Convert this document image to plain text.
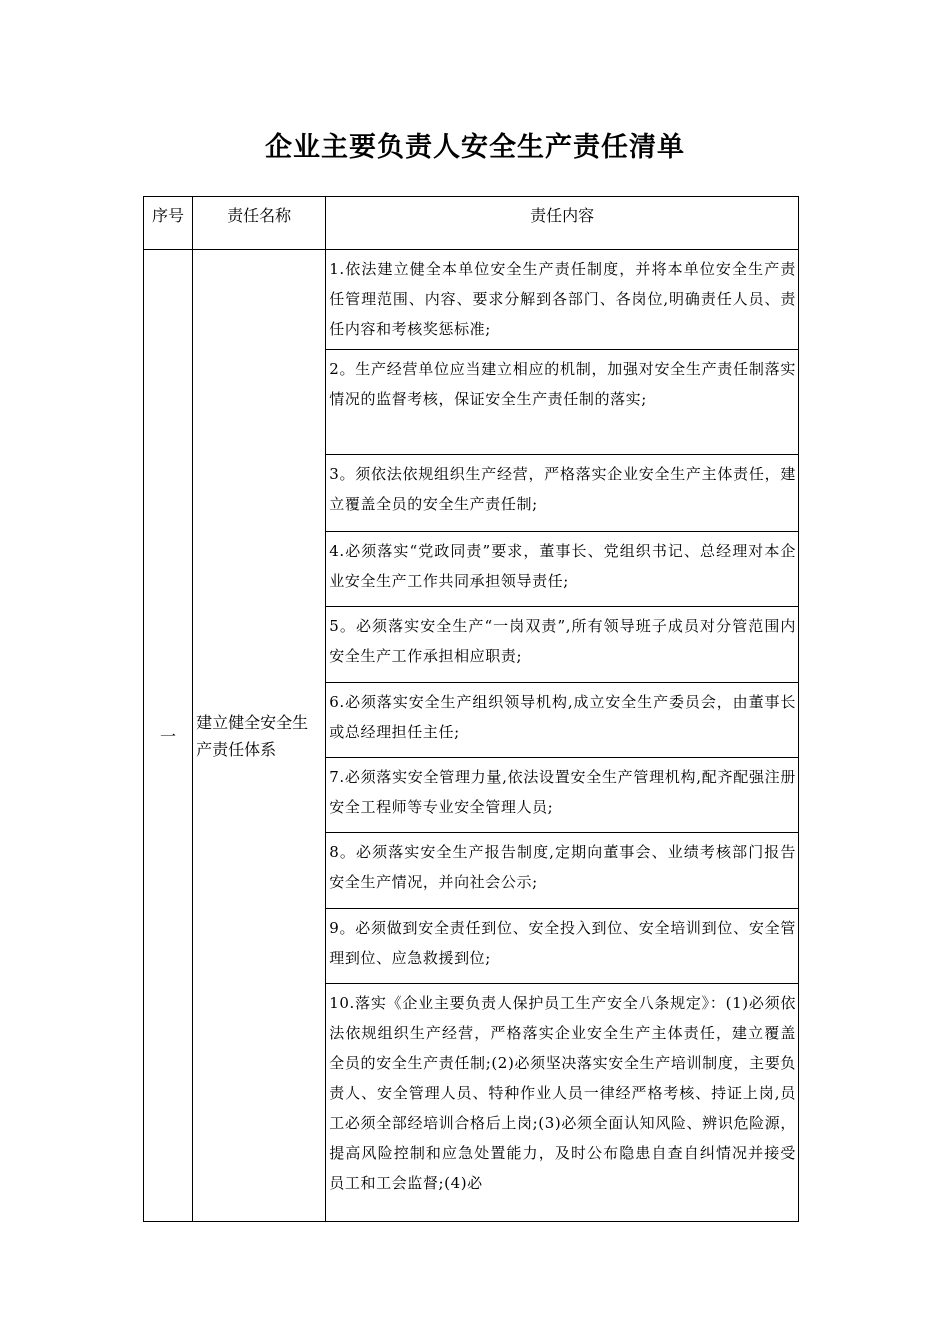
企业主要负责人安全生产责任清单
序号	责任名称	责任内容
一	建立健全安全生产责任体系	1.依法建立健全本单位安全生产责任制度，并将本单位安全生产责任管理范围、内容、要求分解到各部门、各岗位,明确责任人员、责任内容和考核奖惩标准;
		2。生产经营单位应当建立相应的机制，加强对安全生产责任制落实情况的监督考核，保证安全生产责任制的落实;
		3。须依法依规组织生产经营，严格落实企业安全生产主体责任，建立覆盖全员的安全生产责任制;
		4.必须落实“党政同责”要求，董事长、党组织书记、总经理对本企业安全生产工作共同承担领导责任;
		5。必须落实安全生产“一岗双责”,所有领导班子成员对分管范围内安全生产工作承担相应职责;
		6.必须落实安全生产组织领导机构,成立安全生产委员会，由董事长或总经理担任主任;
		7.必须落实安全管理力量,依法设置安全生产管理机构,配齐配强注册安全工程师等专业安全管理人员;
		8。必须落实安全生产报告制度,定期向董事会、业绩考核部门报告安全生产情况，并向社会公示;
		9。必须做到安全责任到位、安全投入到位、安全培训到位、安全管理到位、应急救援到位;
		10.落实《企业主要负责人保护员工生产安全八条规定》：(1)必须依法依规组织生产经营，严格落实企业安全生产主体责任，建立覆盖全员的安全生产责任制;(2)必须坚决落实安全生产培训制度，主要负责人、安全管理人员、特种作业人员一律经严格考核、持证上岗,员工必须全部经培训合格后上岗;(3)必须全面认知风险、辨识危险源，提高风险控制和应急处置能力，及时公布隐患自查自纠情况并接受员工和工会监督;(4)必
